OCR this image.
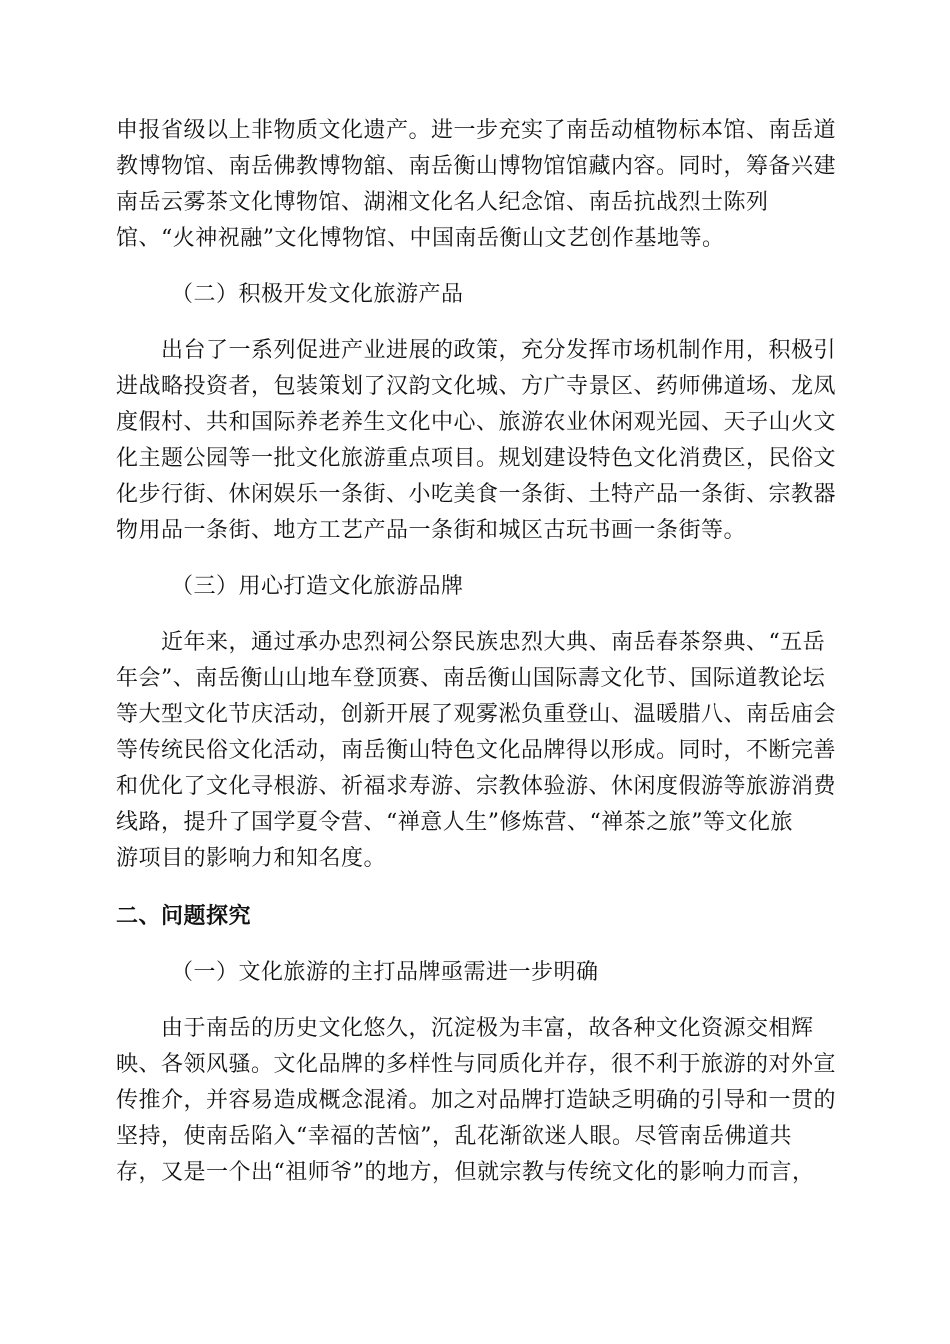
申报省级以上非物质文化遗产。进一步充实了南岳动植物标本馆、南岳道
教博物馆、南岳佛教博物舘、南岳衡山博物馆馆藏内容。同时，筹备兴建
南岳云雾茶文化博物馆、湖湘文化名人纪念馆、南岳抗战烈士陈列
馆、“火神祝融”文化博物馆、中国南岳衡山文艺创作基地等。
（二）积极开发文化旅游产品
出台了一系列促进产业进展的政策，充分发挥市场机制作用，积极引
进战略投资者，包装策划了汉韵文化城、方广寺景区、药师佛道场、龙凤
度假村、共和国际养老养生文化中心、旅游农业休闲观光园、天子山火文
化主题公园等一批文化旅游重点项目。规划建设特色文化消费区，民俗文
化步行街、休闲娱乐一条街、小吃美食一条街、土特产品一条街、宗教器
物用品一条街、地方工艺产品一条街和城区古玩书画一条街等。
（三）用心打造文化旅游品牌
近年来，通过承办忠烈祠公祭民族忠烈大典、南岳春茶祭典、“五岳
年会”、南岳衡山山地车登顶赛、南岳衡山国际壽文化节、国际道教论坛
等大型文化节庆活动，创新开展了观雾淞负重登山、温暖腊八、南岳庙会
等传统民俗文化活动，南岳衡山特色文化品牌得以形成。同时，不断完善
和优化了文化寻根游、祈福求寿游、宗教体验游、休闲度假游等旅游消费
线路，提升了国学夏令营、“禅意人生”修炼营、“禅茶之旅”等文化旅
游项目的影响力和知名度。
二、问题探究
（一）文化旅游的主打品牌亟需进一步明确
由于南岳的历史文化悠久，沉淀极为丰富，故各种文化资源交相辉
映、各领风骚。文化品牌的多样性与同质化并存，很不利于旅游的对外宣
传推介，并容易造成概念混淆。加之对品牌打造缺乏明确的引导和一贯的
坚持，使南岳陷入“幸福的苦恼”，乱花渐欲迷人眼。尽管南岳佛道共
存，又是一个出“祖师爷”的地方，但就宗教与传统文化的影响力而言，
